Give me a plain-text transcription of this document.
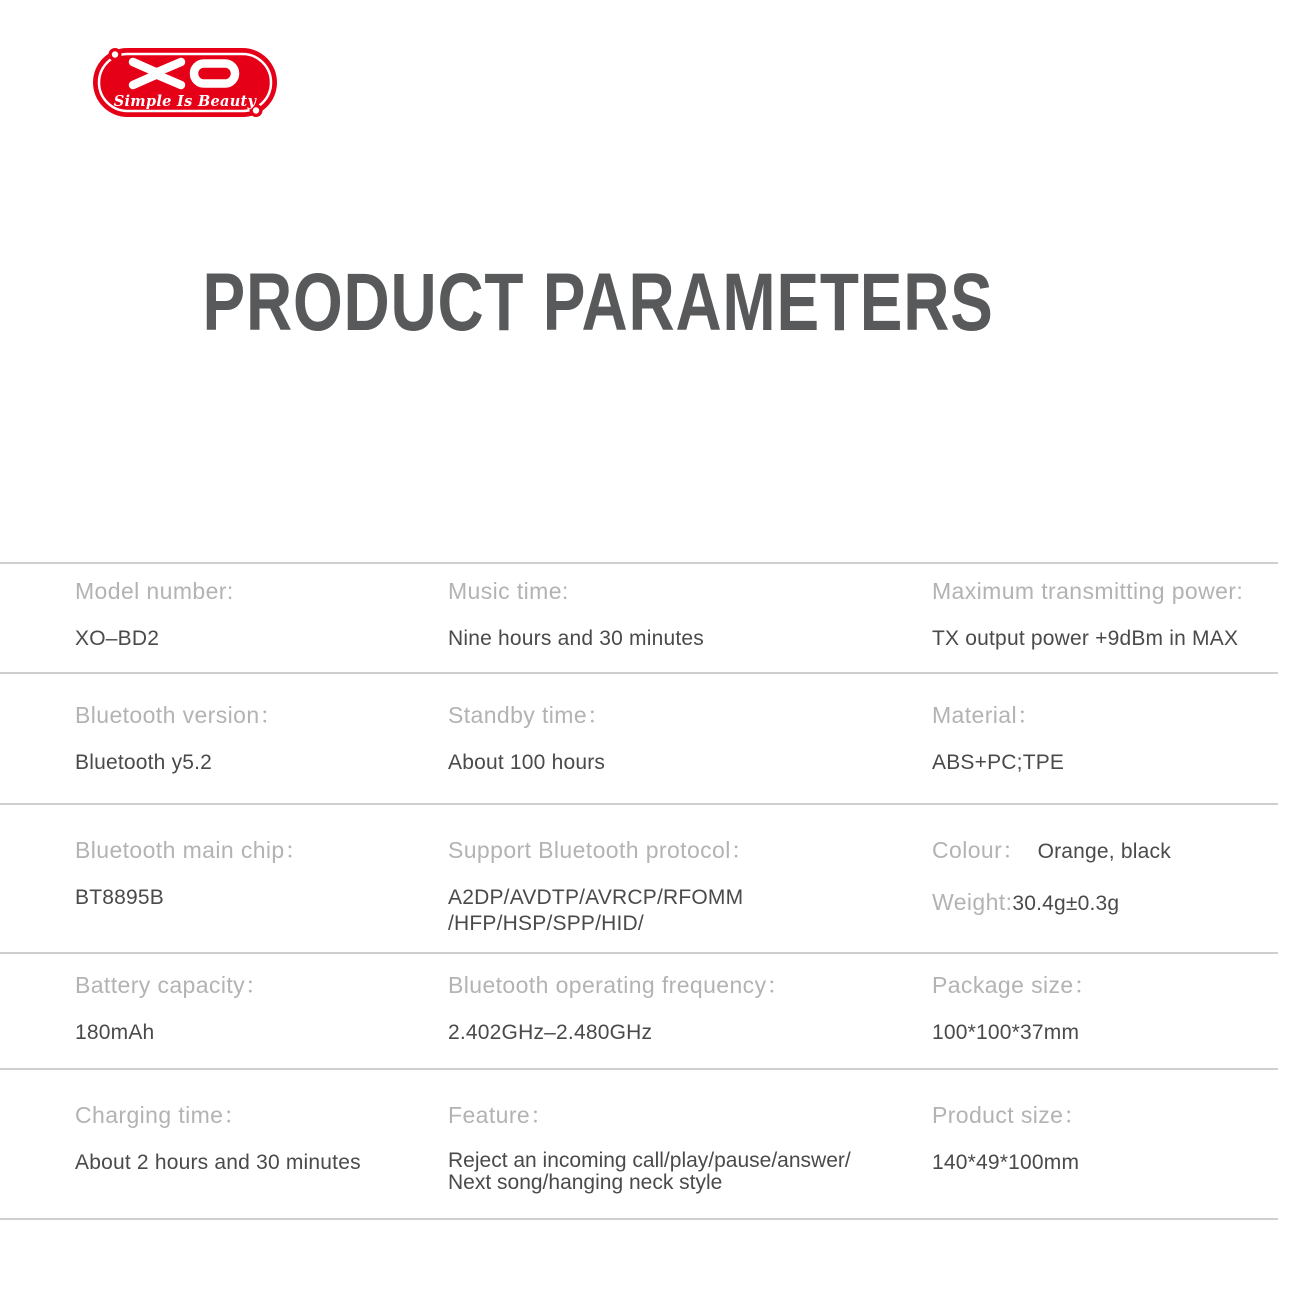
Simple Is Beauty
PRODUCT PARAMETERS
Model number:
XO–BD2
Music time:
Nine hours and 30 minutes
Maximum transmitting power:
TX output power +9dBm in MAX
Bluetooth version：
Bluetooth y5.2
Standby time：
About 100 hours
Material：
ABS+PC;TPE
Bluetooth main chip：
BT8895B
Support Bluetooth protocol：
A2DP/AVDTP/AVRCP/RFOMM
/HFP/HSP/SPP/HID/
Colour： Orange, black
Weight:30.4g±0.3g
Battery capacity：
180mAh
Bluetooth operating frequency：
2.402GHz–2.480GHz
Package size：
100*100*37mm
Charging time：
About 2 hours and 30 minutes
Feature：
Reject an incoming call/play/pause/answer/
Next song/hanging neck style
Product size：
140*49*100mm
